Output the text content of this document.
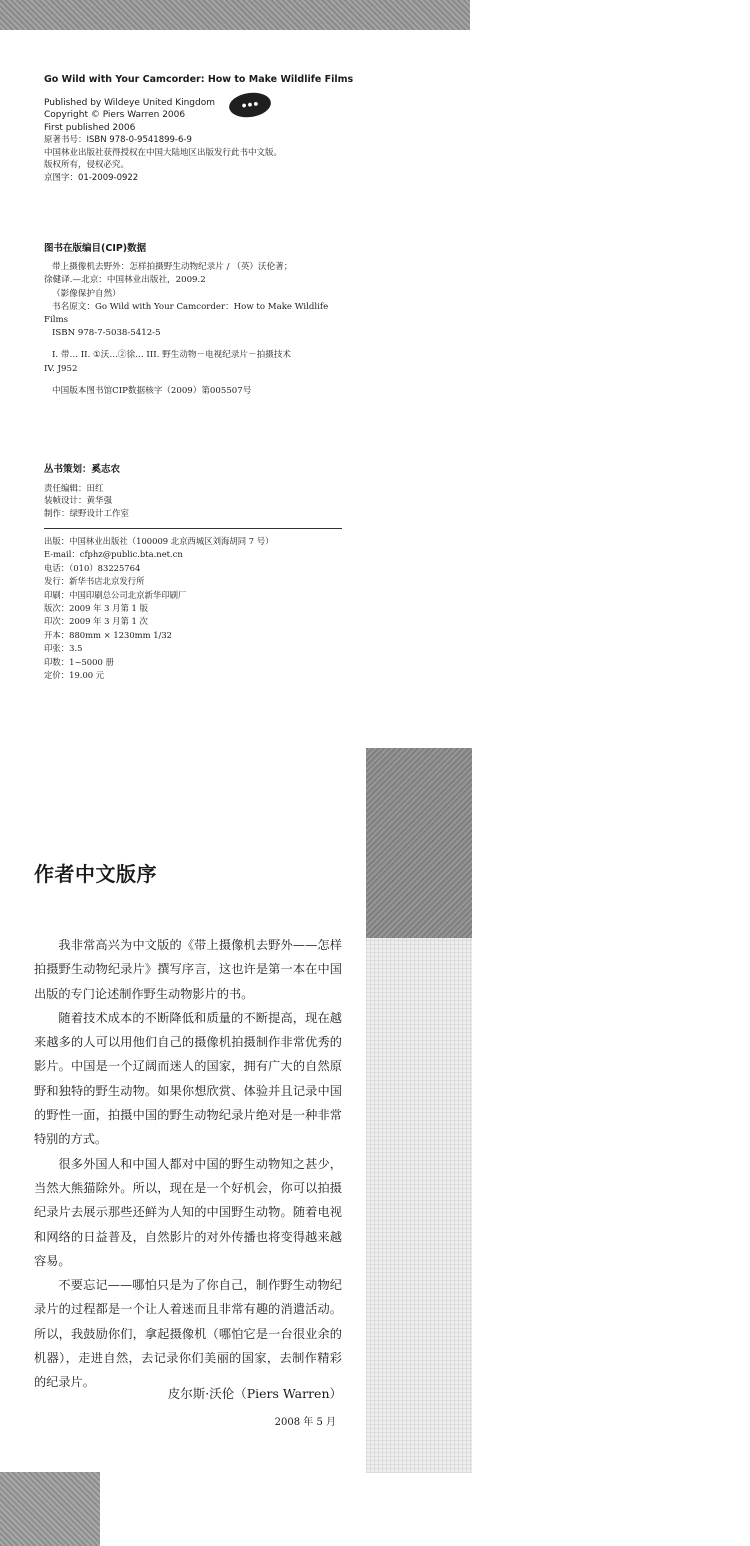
● ● ●
Go Wild with Your Camcorder: How to Make Wildlife Films
Published by Wildeye United Kingdom
Copyright © Piers Warren 2006
First published 2006
原著书号：ISBN 978-0-9541899-6-9
中国林业出版社获得授权在中国大陆地区出版发行此书中文版。
版权所有，侵权必究。
京图字：01-2009-0922
图书在版编目(CIP)数据
带上摄像机去野外：怎样拍摄野生动物纪录片 / （英）沃伦著；
徐健译.—北京：中国林业出版社，2009.2
（影像保护自然）
书名原文：Go Wild with Your Camcorder：How to Make Wildlife
Films
ISBN 978-7-5038-5412-5
I. 带… II. ①沃…②徐… III. 野生动物－电视纪录片－拍摄技术
IV. J952
中国版本图书馆CIP数据核字（2009）第005507号
丛书策划：奚志农
责任编辑：田红
装帧设计：黄华强
制作：绿野设计工作室
出版：中国林业出版社（100009 北京西城区刘海胡同 7 号）
E-mail：cfphz@public.bta.net.cn
电话：（010）83225764
发行：新华书店北京发行所
印刷：中国印刷总公司北京新华印刷厂
版次：2009 年 3 月第 1 版
印次：2009 年 3 月第 1 次
开本：880mm × 1230mm 1/32
印张：3.5
印数：1~5000 册
定价：19.00 元
作者中文版序

我非常高兴为中文版的《带上摄像机去野外——怎样拍摄野生动物纪录片》撰写序言，这也许是第一本在中国出版的专门论述制作野生动物影片的书。

随着技术成本的不断降低和质量的不断提高，现在越来越多的人可以用他们自己的摄像机拍摄制作非常优秀的影片。中国是一个辽阔而迷人的国家，拥有广大的自然原野和独特的野生动物。如果你想欣赏、体验并且记录中国的野性一面，拍摄中国的野生动物纪录片绝对是一种非常特别的方式。

很多外国人和中国人都对中国的野生动物知之甚少，当然大熊猫除外。所以，现在是一个好机会，你可以拍摄纪录片去展示那些还鲜为人知的中国野生动物。随着电视和网络的日益普及，自然影片的对外传播也将变得越来越容易。

不要忘记——哪怕只是为了你自己，制作野生动物纪录片的过程都是一个让人着迷而且非常有趣的消遣活动。所以，我鼓励你们，拿起摄像机（哪怕它是一台很业余的机器），走进自然，去记录你们美丽的国家，去制作精彩的纪录片。

皮尔斯·沃伦（Piers Warren）
2008 年 5 月
